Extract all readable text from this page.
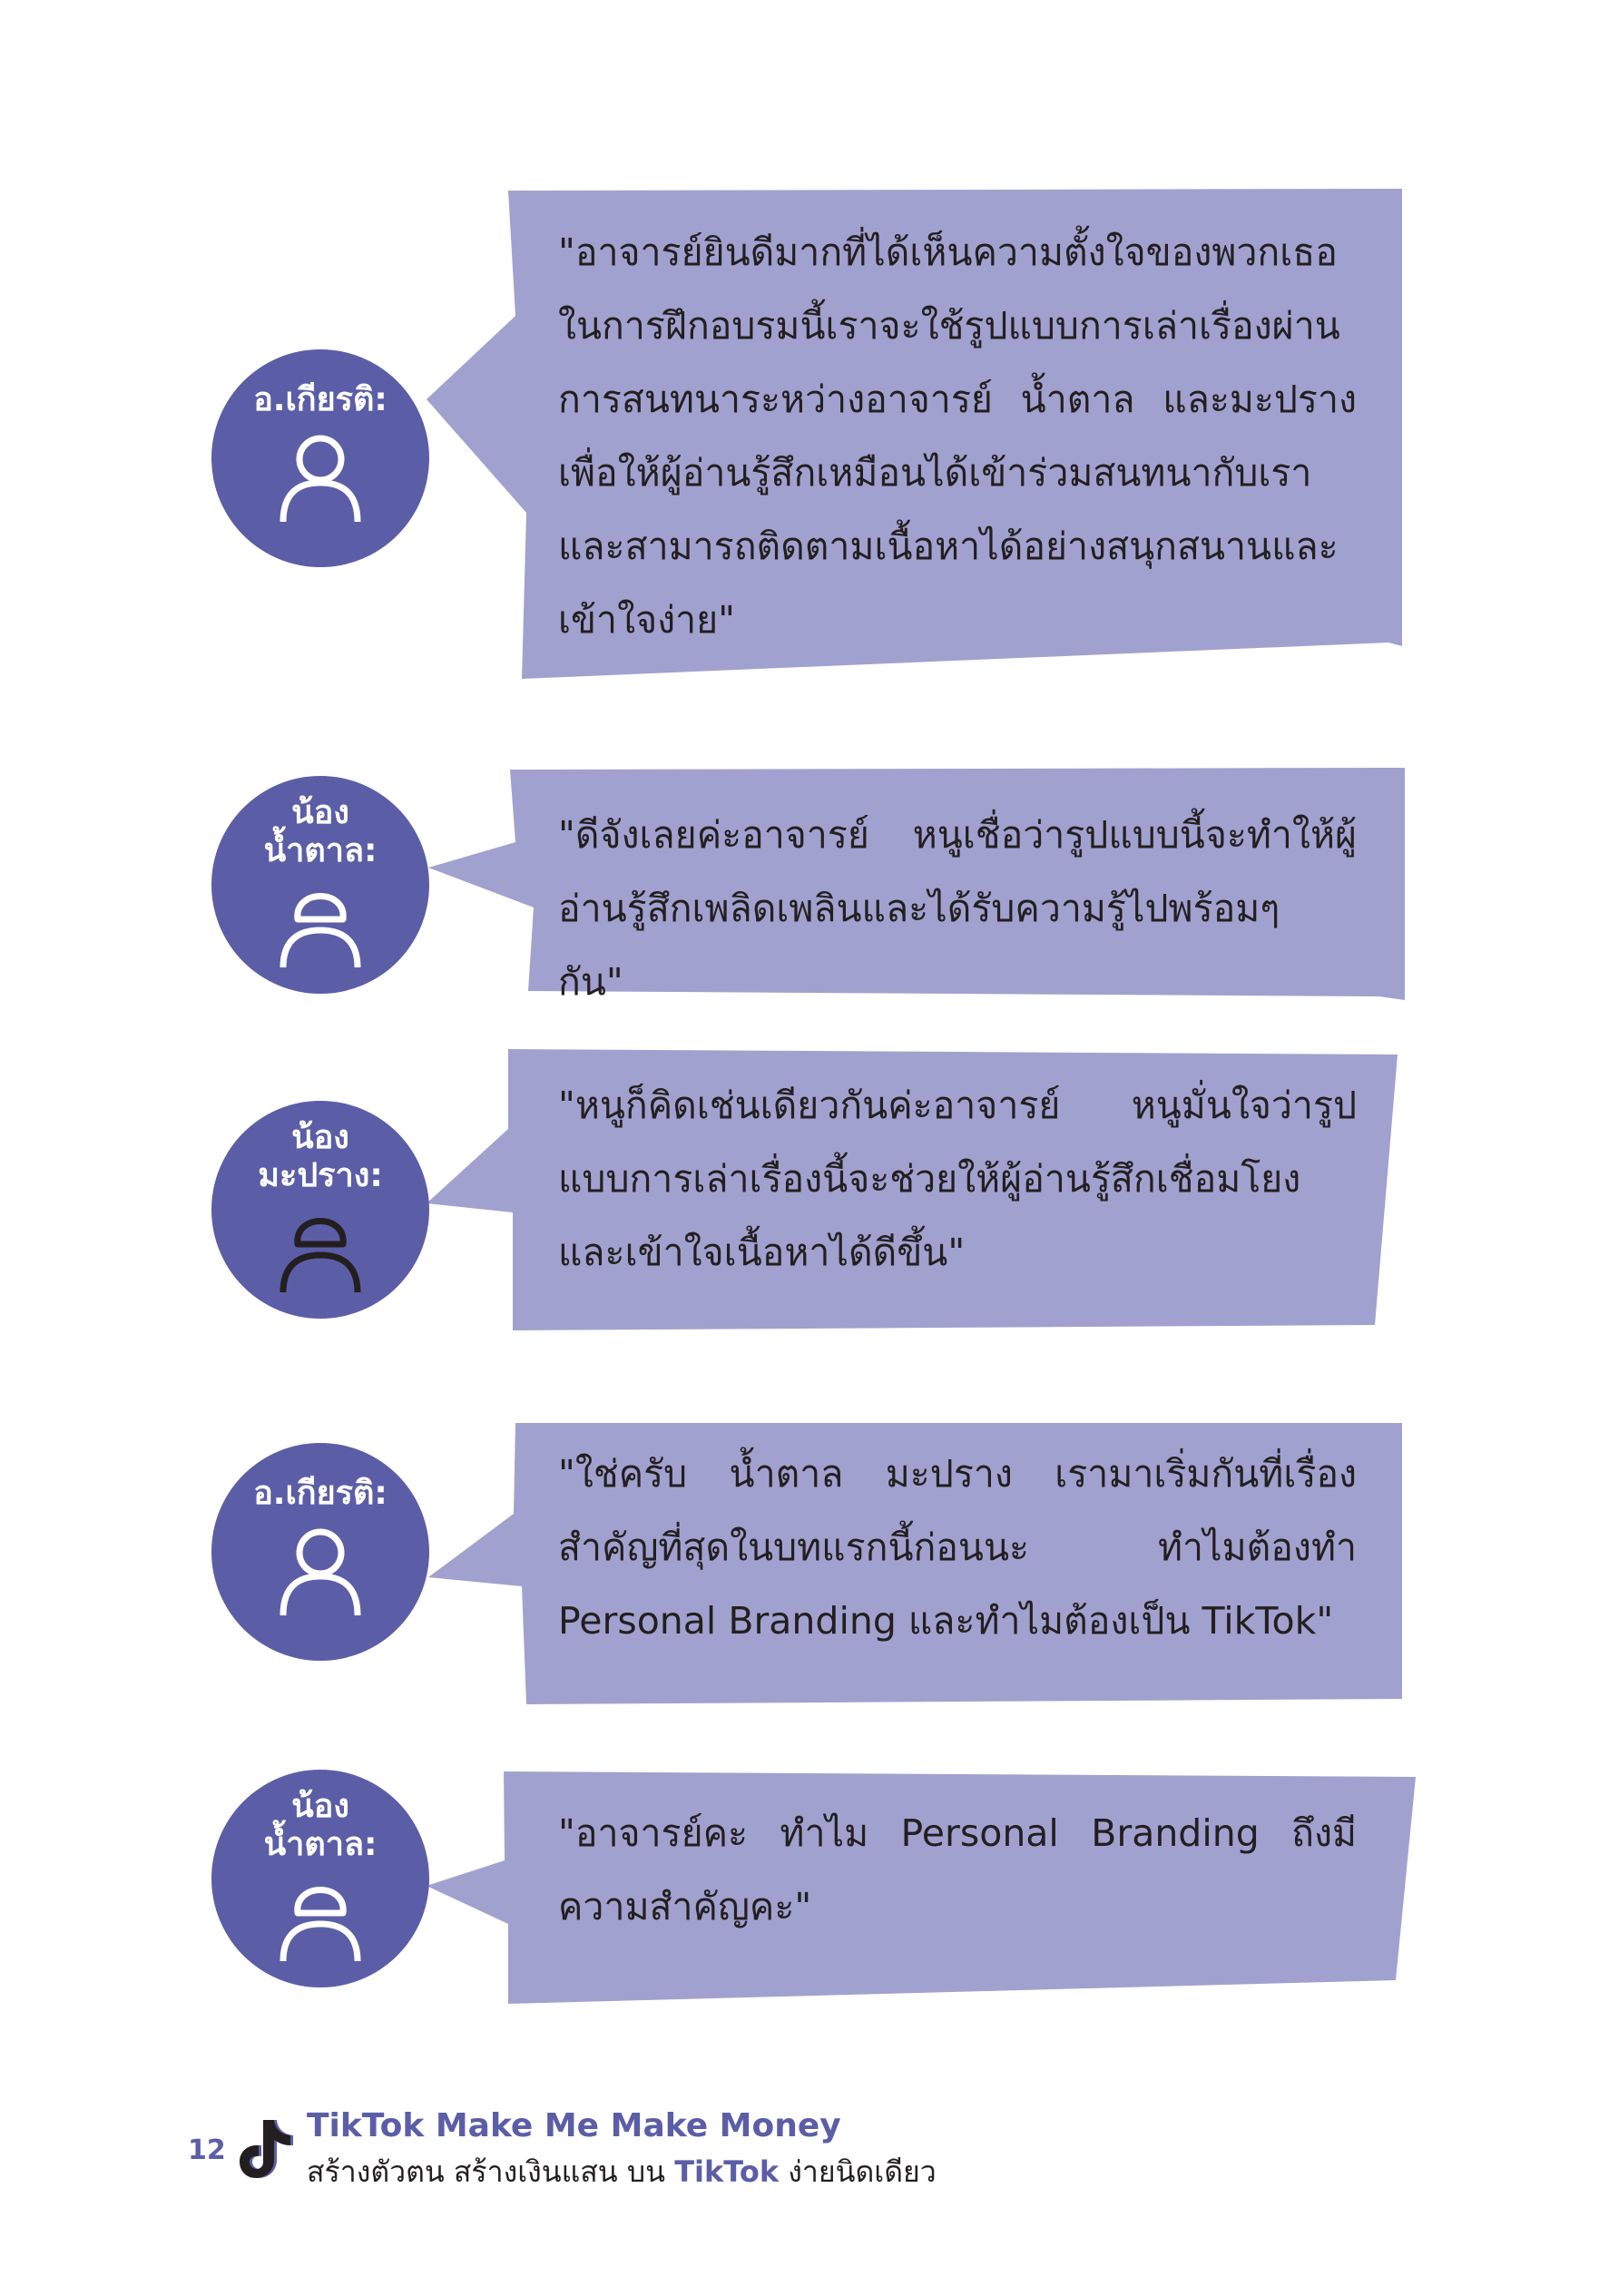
อ.เกียรติ:
"อาจารย์ยินดีมากที่ได้เห็นความตั้งใจของพวกเธอในการฝึกอบรมนี้เราจะใช้รูปแบบการเล่าเรื่องผ่านการสนทนาระหว่างอาจารย์ น้ำตาล และมะปราง เพื่อให้ผู้อ่านรู้สึกเหมือนได้เข้าร่วมสนทนากับเรา และสามารถติดตามเนื้อหาได้อย่างสนุกสนานและเข้าใจง่าย"
น้อง
น้ำตาล:	"ดีจังเลยค่ะอาจารย์ หนูเชื่อว่ารูปแบบนี้จะทำให้ผู้อ่านรู้สึกเพลิดเพลินและได้รับความรู้ไปพร้อมๆ กัน"
น้อง
มะปราง:
"หนูก็คิดเช่นเดียวกันค่ะอาจารย์ หนูมั่นใจว่ารูปแบบการเล่าเรื่องนี้จะช่วยให้ผู้อ่านรู้สึกเชื่อมโยงและเข้าใจเนื้อหาได้ดีขึ้น"
อ.เกียรติ:	"ใช่ครับ น้ำตาล มะปราง เรามาเริ่มกันที่เรื่องสำคัญที่สุดในบทแรกนี้ก่อนนะ ทำไมต้องทำ Personal Branding และทำไมต้องเป็น TikTok"
น้อง
น้ำตาล:	"อาจารย์คะ ทำไม Personal Branding ถึงมีความสำคัญคะ"
12
TikTok Make Me Make Money
สร้างตัวตน สร้างเงินแสน บน TikTok ง่ายนิดเดียว
